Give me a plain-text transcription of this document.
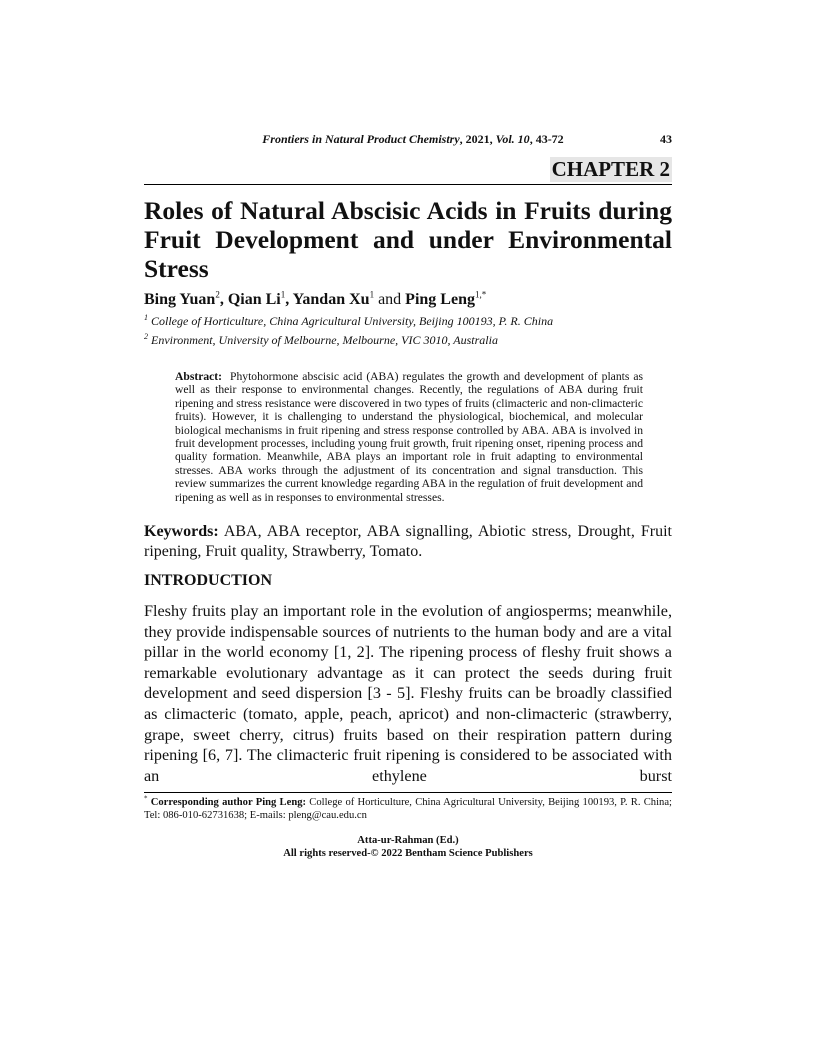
Frontiers in Natural Product Chemistry, 2021, Vol. 10, 43-72	43
CHAPTER 2
Roles of Natural Abscisic Acids in Fruits during Fruit Development and under Environmental Stress
Bing Yuan$^2$, Qian Li$^1$, Yandan Xu$^1$ and Ping Leng$^{1,*}$
$^1$ College of Horticulture, China Agricultural University, Beijing 100193, P. R. China
$^2$ Environment, University of Melbourne, Melbourne, VIC 3010, Australia
Abstract: Phytohormone abscisic acid (ABA) regulates the growth and development of plants as well as their response to environmental changes. Recently, the regulations of ABA during fruit ripening and stress resistance were discovered in two types of fruits (climacteric and non-climacteric fruits). However, it is challenging to understand the physiological, biochemical, and molecular biological mechanisms in fruit ripening and stress response controlled by ABA. ABA is involved in fruit development processes, including young fruit growth, fruit ripening onset, ripening process and quality formation. Meanwhile, ABA plays an important role in fruit adapting to environmental stresses. ABA works through the adjustment of its concentration and signal transduction. This review summarizes the current knowledge regarding ABA in the regulation of fruit development and ripening as well as in responses to environmental stresses.
Keywords: ABA, ABA receptor, ABA signalling, Abiotic stress, Drought, Fruit ripening, Fruit quality, Strawberry, Tomato.
INTRODUCTION
Fleshy fruits play an important role in the evolution of angiosperms; meanwhile, they provide indispensable sources of nutrients to the human body and are a vital pillar in the world economy [1, 2]. The ripening process of fleshy fruit shows a remarkable evolutionary advantage as it can protect the seeds during fruit development and seed dispersion [3 - 5]. Fleshy fruits can be broadly classified as climacteric (tomato, apple, peach, apricot) and non-climacteric (strawberry, grape, sweet cherry, citrus) fruits based on their respiration pattern during ripening [6, 7]. The climacteric fruit ripening is considered to be associated with an ethylene burst
* Corresponding author Ping Leng: College of Horticulture, China Agricultural University, Beijing 100193, P. R. China; Tel: 086-010-62731638; E-mails: pleng@cau.edu.cn
Atta-ur-Rahman (Ed.)
All rights reserved-© 2022 Bentham Science Publishers
